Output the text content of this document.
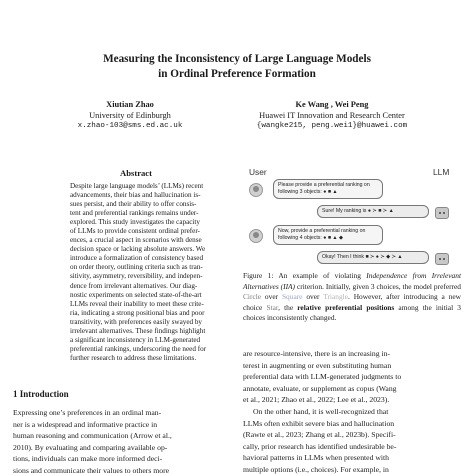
Measuring the Inconsistency of Large Language Models
in Ordinal Preference Formation
Xiutian Zhao
University of Edinburgh
x.zhao-103@sms.ed.ac.uk
Ke Wang , Wei Peng
Huawei IT Innovation and Research Center
{wangke215, peng.wei1}@huawei.com
Abstract
Despite large language models’ (LLMs) recent
advancements, their bias and hallucination is-
sues persist, and their ability to offer consis-
tent and preferential rankings remains under-
explored. This study investigates the capacity
of LLMs to provide consistent ordinal prefer-
ences, a crucial aspect in scenarios with dense
decision space or lacking absolute answers. We
introduce a formalization of consistency based
on order theory, outlining criteria such as tran-
sitivity, asymmetry, reversibility, and indepen-
dence from irrelevant alternatives. Our diag-
nostic experiments on selected state-of-the-art
LLMs reveal their inability to meet these crite-
ria, indicating a strong positional bias and poor
transitivity, with preferences easily swayed by
irrelevant alternatives. These findings highlight
a significant inconsistency in LLM-generated
preferential rankings, underscoring the need for
further research to address these limitations.
1 Introduction
Expressing one’s preferences in an ordinal man-
ner is a widespread and informative practice in
human reasoning and communication (Arrow et al.,
2010). By evaluating and comparing available op-
tions, individuals can make more informed deci-
sions and communicate their values to others more
User	LLM
Please provide a preferential ranking on following 3 objects: ● ■ ▲
Sure! My ranking is ● ≻ ■ ≻ ▲
Now, provide a preferential ranking on following 4 objects: ● ■ ▲ ◆
Okay! Then I think ■ ≻ ● ≻ ◆ ≻ ▲
Figure 1: An example of violating Independence from Irrelevant Alternatives (IIA) criterion. Initially, given 3 choices, the model preferred Circle over Square over Triangle. However, after introducing a new choice Star, the relative preferential positions among the initial 3 choices inconsistently changed.
are resource-intensive, there is an increasing in-
terest in augmenting or even substituting human
preferential data with LLM-generated judgments to
annotate, evaluate, or supplement as copus (Wang
et al., 2021; Zhao et al., 2022; Lee et al., 2023).
On the other hand, it is well-recognized that
LLMs often exhibit severe bias and hallucination
(Rawte et al., 2023; Zhang et al., 2023b). Specifi-
cally, prior research has identified undesirable be-
havioral patterns in LLMs when presented with
multiple options (i.e., choices). For example, in
